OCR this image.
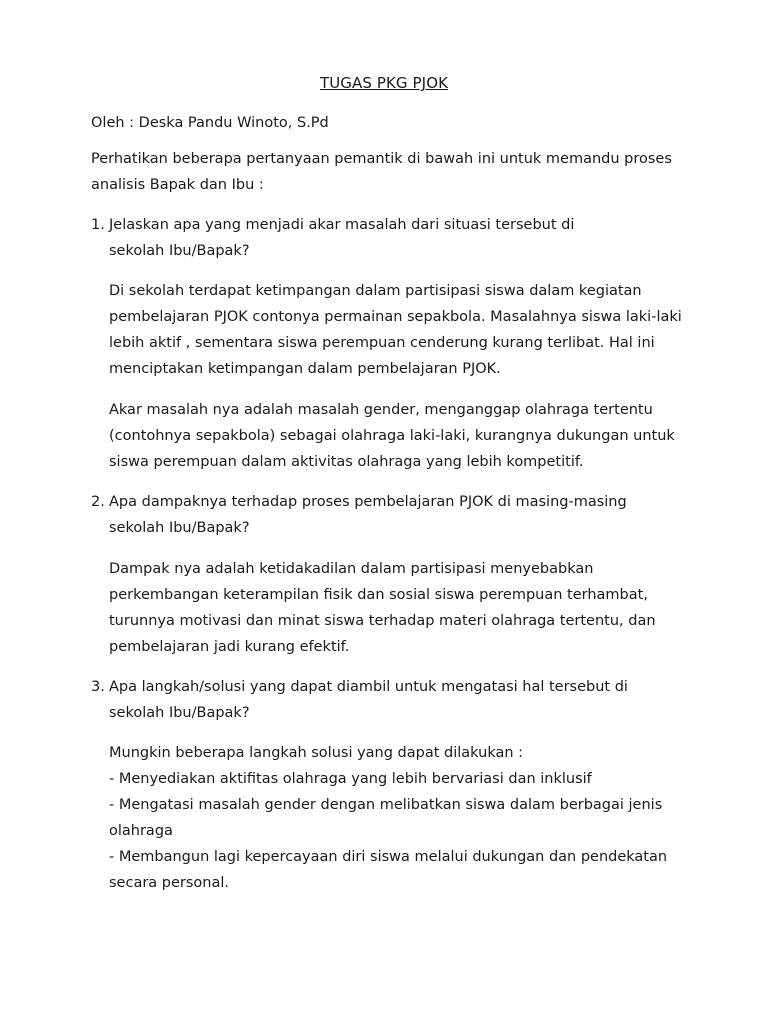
TUGAS PKG PJOK
Oleh : Deska Pandu Winoto, S.Pd
Perhatikan beberapa pertanyaan pemantik di bawah ini untuk memandu proses
analisis Bapak dan Ibu :
1. Jelaskan apa yang menjadi akar masalah dari situasi tersebut di
sekolah Ibu/Bapak?
Di sekolah terdapat ketimpangan dalam partisipasi siswa dalam kegiatan
pembelajaran PJOK contonya permainan sepakbola. Masalahnya siswa laki-laki
lebih aktif , sementara siswa perempuan cenderung kurang terlibat. Hal ini
menciptakan ketimpangan dalam pembelajaran PJOK.
Akar masalah nya adalah masalah gender, menganggap olahraga tertentu
(contohnya sepakbola) sebagai olahraga laki-laki, kurangnya dukungan untuk
siswa perempuan dalam aktivitas olahraga yang lebih kompetitif.
2. Apa dampaknya terhadap proses pembelajaran PJOK di masing-masing
sekolah Ibu/Bapak?
Dampak nya adalah ketidakadilan dalam partisipasi menyebabkan
perkembangan keterampilan fisik dan sosial siswa perempuan terhambat,
turunnya motivasi dan minat siswa terhadap materi olahraga tertentu, dan
pembelajaran jadi kurang efektif.
3. Apa langkah/solusi yang dapat diambil untuk mengatasi hal tersebut di
sekolah Ibu/Bapak?
Mungkin beberapa langkah solusi yang dapat dilakukan :
- Menyediakan aktifitas olahraga yang lebih bervariasi dan inklusif
- Mengatasi masalah gender dengan melibatkan siswa dalam berbagai jenis
olahraga
- Membangun lagi kepercayaan diri siswa melalui dukungan dan pendekatan
secara personal.
